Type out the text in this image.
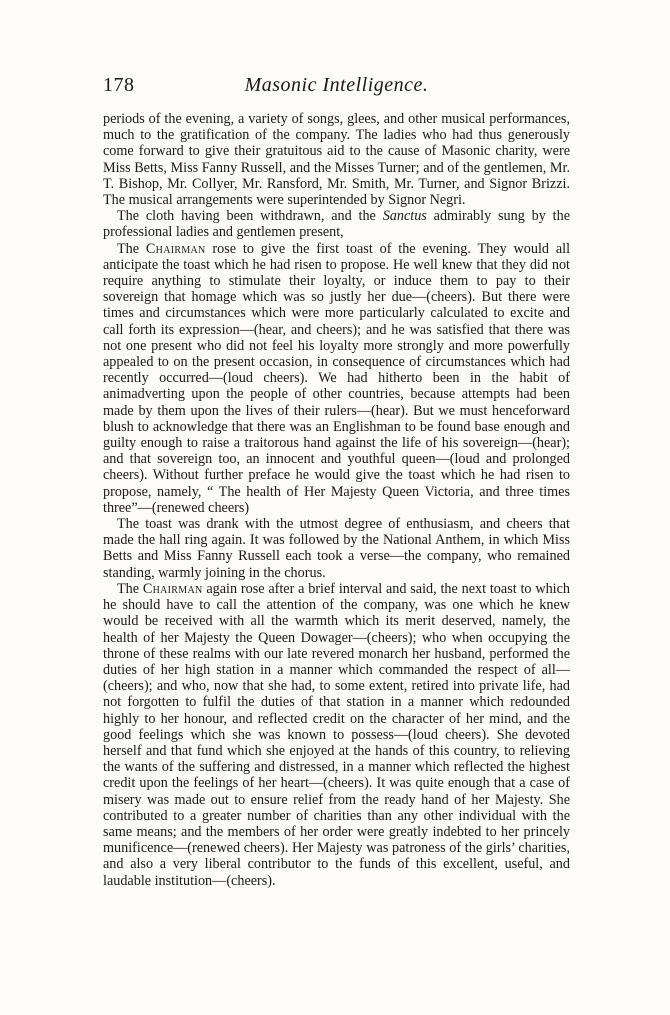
178	Masonic Intelligence.

periods of the evening, a variety of songs, glees, and other musical performances, much to the gratification of the company. The ladies who had thus generously come forward to give their gratuitous aid to the cause of Masonic charity, were Miss Betts, Miss Fanny Russell, and the Misses Turner; and of the gentlemen, Mr. T. Bishop, Mr. Collyer, Mr. Ransford, Mr. Smith, Mr. Turner, and Signor Brizzi. The musical arrangements were superintended by Signor Negri.

The cloth having been withdrawn, and the Sanctus admirably sung by the professional ladies and gentlemen present,

The Chairman rose to give the first toast of the evening. They would all anticipate the toast which he had risen to propose. He well knew that they did not require anything to stimulate their loyalty, or induce them to pay to their sovereign that homage which was so justly her due—(cheers). But there were times and circumstances which were more particularly calculated to excite and call forth its expression—(hear, and cheers); and he was satisfied that there was not one present who did not feel his loyalty more strongly and more powerfully appealed to on the present occasion, in consequence of circumstances which had recently occurred—(loud cheers). We had hitherto been in the habit of animadverting upon the people of other countries, because attempts had been made by them upon the lives of their rulers—(hear). But we must henceforward blush to acknowledge that there was an Englishman to be found base enough and guilty enough to raise a traitorous hand against the life of his sovereign—(hear); and that sovereign too, an innocent and youthful queen—(loud and prolonged cheers). Without further preface he would give the toast which he had risen to propose, namely, “ The health of Her Majesty Queen Victoria, and three times three”—(renewed cheers)

The toast was drank with the utmost degree of enthusiasm, and cheers that made the hall ring again. It was followed by the National Anthem, in which Miss Betts and Miss Fanny Russell each took a verse—the company, who remained standing, warmly joining in the chorus.

The Chairman again rose after a brief interval and said, the next toast to which he should have to call the attention of the company, was one which he knew would be received with all the warmth which its merit deserved, namely, the health of her Majesty the Queen Dowager—(cheers); who when occupying the throne of these realms with our late revered monarch her husband, performed the duties of her high station in a manner which commanded the respect of all—(cheers); and who, now that she had, to some extent, retired into private life, had not forgotten to fulfil the duties of that station in a manner which redounded highly to her honour, and reflected credit on the character of her mind, and the good feelings which she was known to possess—(loud cheers). She devoted herself and that fund which she enjoyed at the hands of this country, to relieving the wants of the suffering and distressed, in a manner which reflected the highest credit upon the feelings of her heart—(cheers). It was quite enough that a case of misery was made out to ensure relief from the ready hand of her Majesty. She contributed to a greater number of charities than any other individual with the same means; and the members of her order were greatly indebted to her princely munificence—(renewed cheers). Her Majesty was patroness of the girls’ charities, and also a very liberal contributor to the funds of this excellent, useful, and laudable institution—(cheers).
